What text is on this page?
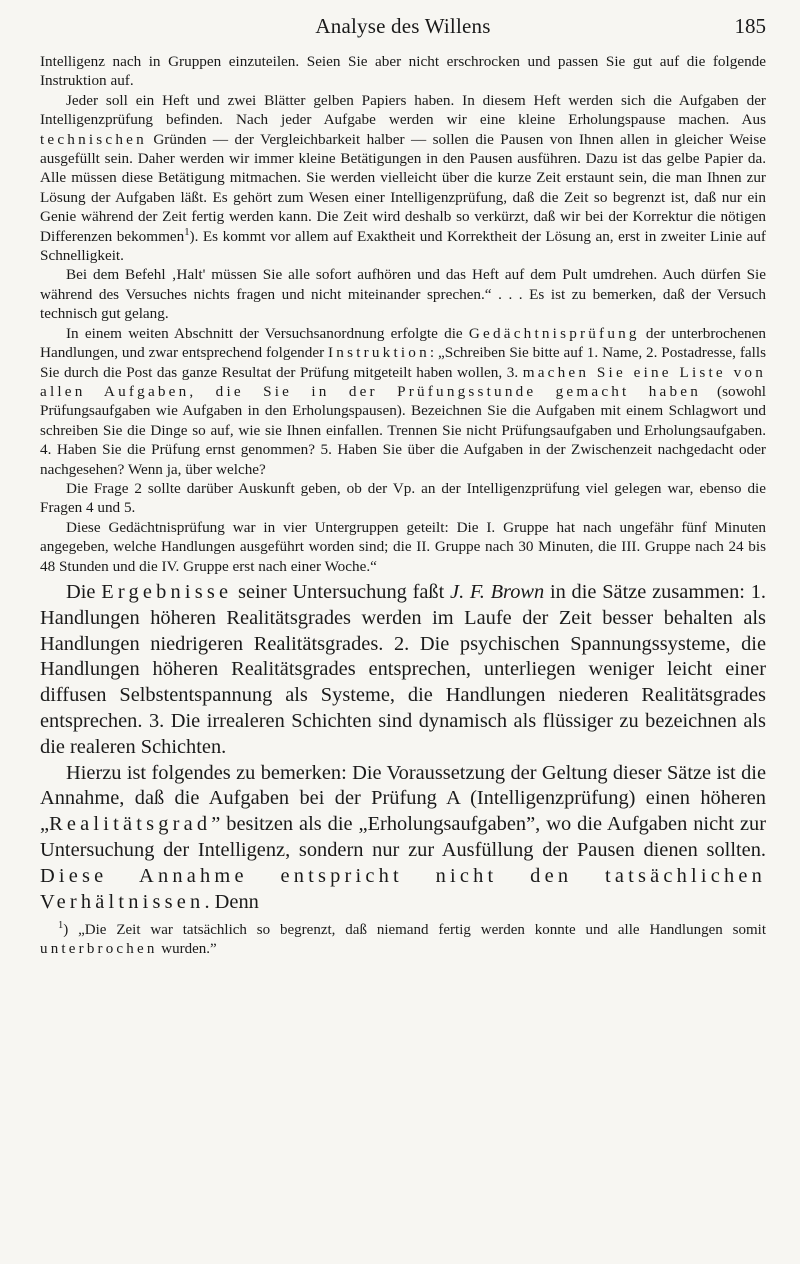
Analyse des Willens	185

Intelligenz nach in Gruppen einzuteilen. Seien Sie aber nicht erschrocken und passen Sie gut auf die folgende Instruktion auf.

Jeder soll ein Heft und zwei Blätter gelben Papiers haben. In diesem Heft werden sich die Aufgaben der Intelligenzprüfung befinden. Nach jeder Aufgabe werden wir eine kleine Erholungspause machen. Aus technischen Gründen — der Vergleichbarkeit halber — sollen die Pausen von Ihnen allen in gleicher Weise ausgefüllt sein. Daher werden wir immer kleine Betätigungen in den Pausen ausführen. Dazu ist das gelbe Papier da. Alle müssen diese Betätigung mitmachen. Sie werden vielleicht über die kurze Zeit erstaunt sein, die man Ihnen zur Lösung der Aufgaben läßt. Es gehört zum Wesen einer Intelligenzprüfung, daß die Zeit so begrenzt ist, daß nur ein Genie während der Zeit fertig werden kann. Die Zeit wird deshalb so verkürzt, daß wir bei der Korrektur die nötigen Differenzen bekommen$^1$). Es kommt vor allem auf Exaktheit und Korrektheit der Lösung an, erst in zweiter Linie auf Schnelligkeit.

Bei dem Befehl ‚Halt' müssen Sie alle sofort aufhören und das Heft auf dem Pult umdrehen. Auch dürfen Sie während des Versuches nichts fragen und nicht miteinander sprechen.“ . . . Es ist zu bemerken, daß der Versuch technisch gut gelang.

In einem weiten Abschnitt der Versuchsanordnung erfolgte die Gedächtnisprüfung der unterbrochenen Handlungen, und zwar entsprechend folgender Instruktion: „Schreiben Sie bitte auf 1. Name, 2. Postadresse, falls Sie durch die Post das ganze Resultat der Prüfung mitgeteilt haben wollen, 3. machen Sie eine Liste von allen Aufgaben, die Sie in der Prüfungsstunde gemacht haben (sowohl Prüfungsaufgaben wie Aufgaben in den Erholungspausen). Bezeichnen Sie die Aufgaben mit einem Schlagwort und schreiben Sie die Dinge so auf, wie sie Ihnen einfallen. Trennen Sie nicht Prüfungsaufgaben und Erholungsaufgaben. 4. Haben Sie die Prüfung ernst genommen? 5. Haben Sie über die Aufgaben in der Zwischenzeit nachgedacht oder nachgesehen? Wenn ja, über welche?

Die Frage 2 sollte darüber Auskunft geben, ob der Vp. an der Intelligenzprüfung viel gelegen war, ebenso die Fragen 4 und 5.

Diese Gedächtnisprüfung war in vier Untergruppen geteilt: Die I. Gruppe hat nach ungefähr fünf Minuten angegeben, welche Handlungen ausgeführt worden sind; die II. Gruppe nach 30 Minuten, die III. Gruppe nach 24 bis 48 Stunden und die IV. Gruppe erst nach einer Woche.“

Die Ergebnisse seiner Untersuchung faßt J. F. Brown in die Sätze zusammen: 1. Handlungen höheren Realitätsgrades werden im Laufe der Zeit besser behalten als Handlungen niedrigeren Realitätsgrades. 2. Die psychischen Spannungssysteme, die Handlungen höheren Realitätsgrades entsprechen, unterliegen weniger leicht einer diffusen Selbstentspannung als Systeme, die Handlungen niederen Realitätsgrades entsprechen. 3. Die irrealeren Schichten sind dynamisch als flüssiger zu bezeichnen als die realeren Schichten.

Hierzu ist folgendes zu bemerken: Die Voraussetzung der Geltung dieser Sätze ist die Annahme, daß die Aufgaben bei der Prüfung A (Intelligenzprüfung) einen höheren „Realitätsgrad” besitzen als die „Erholungsaufgaben”, wo die Aufgaben nicht zur Untersuchung der Intelligenz, sondern nur zur Ausfüllung der Pausen dienen sollten. Diese Annahme entspricht nicht den tatsächlichen Verhältnissen. Denn

$^1$) „Die Zeit war tatsächlich so begrenzt, daß niemand fertig werden konnte und alle Handlungen somit unterbrochen wurden.”
